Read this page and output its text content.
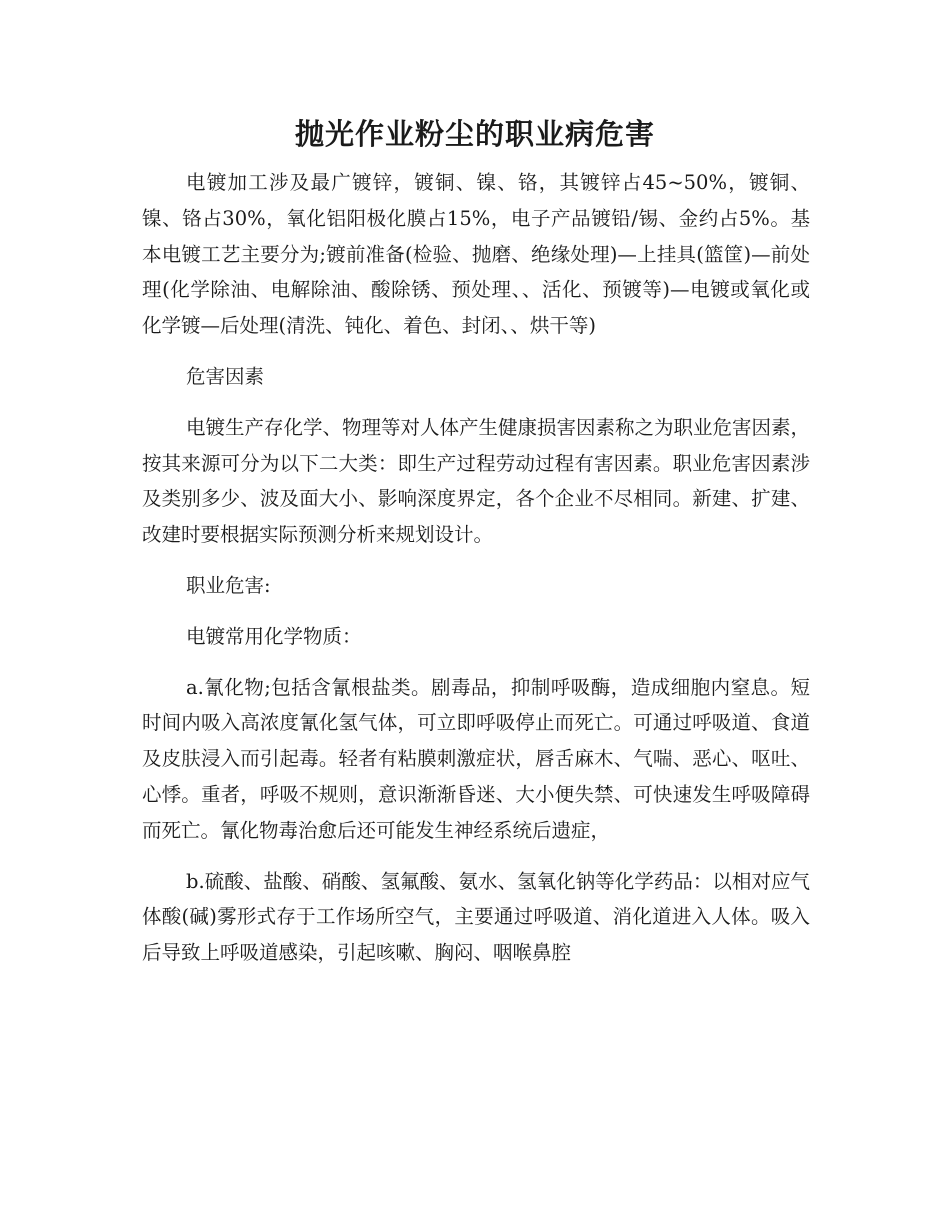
抛光作业粉尘的职业病危害

电镀加工涉及最广镀锌，镀铜、镍、铬，其镀锌占45~50%，镀铜、镍、铬占30%，氧化铝阳极化膜占15%，电子产品镀铅/锡、金约占5%。基本电镀工艺主要分为;镀前准备(检验、抛磨、绝缘处理)—上挂具(篮筐)—前处理(化学除油、电解除油、酸除锈、预处理、、活化、预镀等)—电镀或氧化或化学镀—后处理(清洗、钝化、着色、封闭、、烘干等)

危害因素

电镀生产存化学、物理等对人体产生健康损害因素称之为职业危害因素，按其来源可分为以下二大类：即生产过程劳动过程有害因素。职业危害因素涉及类别多少、波及面大小、影响深度界定，各个企业不尽相同。新建、扩建、改建时要根据实际预测分析来规划设计。

职业危害:

电镀常用化学物质：

a.氰化物;包括含氰根盐类。剧毒品，抑制呼吸酶，造成细胞内窒息。短时间内吸入高浓度氰化氢气体，可立即呼吸停止而死亡。可通过呼吸道、食道及皮肤浸入而引起毒。轻者有粘膜刺激症状，唇舌麻木、气喘、恶心、呕吐、心悸。重者，呼吸不规则，意识渐渐昏迷、大小便失禁、可快速发生呼吸障碍而死亡。氰化物毒治愈后还可能发生神经系统后遗症，

b.硫酸、盐酸、硝酸、氢氟酸、氨水、氢氧化钠等化学药品：以相对应气体酸(碱)雾形式存于工作场所空气，主要通过呼吸道、消化道进入人体。吸入后导致上呼吸道感染，引起咳嗽、胸闷、咽喉鼻腔
